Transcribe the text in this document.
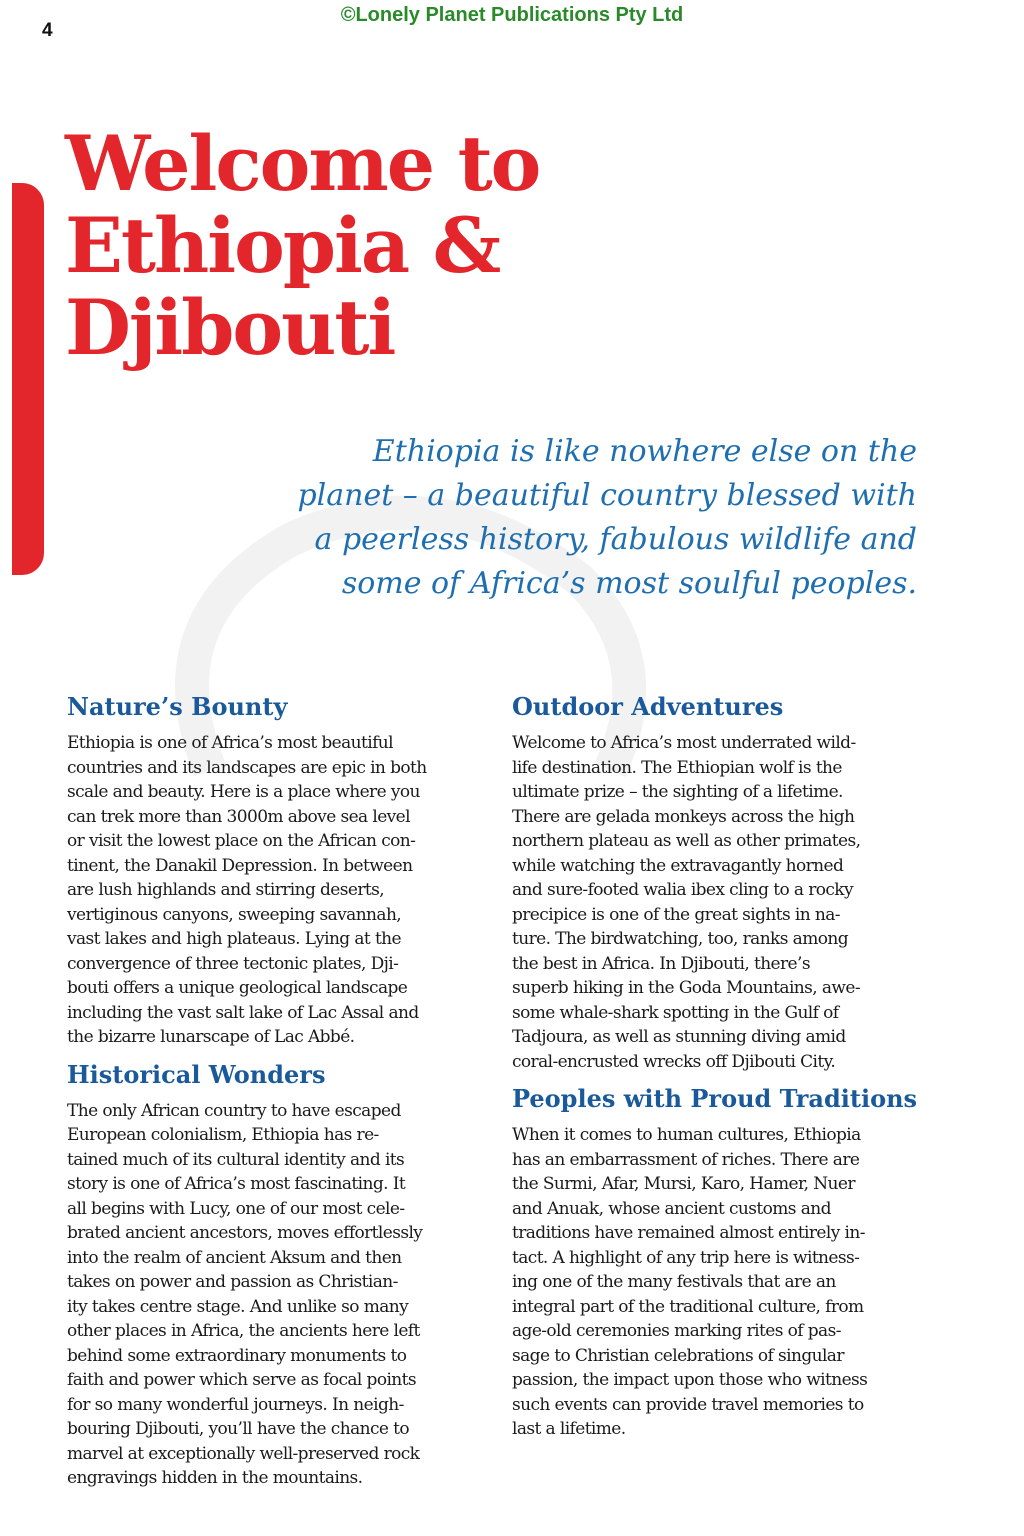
©Lonely Planet Publications Pty Ltd
4
Welcome to
Ethiopia &
Djibouti

Ethiopia is like nowhere else on the
planet – a beautiful country blessed with
a peerless history, fabulous wildlife and
some of Africa’s most soulful peoples.

Nature’s Bounty

Ethiopia is one of Africa’s most beautiful
countries and its landscapes are epic in both
scale and beauty. Here is a place where you
can trek more than 3000m above sea level
or visit the lowest place on the African con-
tinent, the Danakil Depression. In between
are lush highlands and stirring deserts,
vertiginous canyons, sweeping savannah,
vast lakes and high plateaus. Lying at the
convergence of three tectonic plates, Dji-
bouti offers a unique geological landscape
including the vast salt lake of Lac Assal and
the bizarre lunarscape of Lac Abbé.

Historical Wonders

The only African country to have escaped
European colonialism, Ethiopia has re-
tained much of its cultural identity and its
story is one of Africa’s most fascinating. It
all begins with Lucy, one of our most cele-
brated ancient ancestors, moves effortlessly
into the realm of ancient Aksum and then
takes on power and passion as Christian-
ity takes centre stage. And unlike so many
other places in Africa, the ancients here left
behind some extraordinary monuments to
faith and power which serve as focal points
for so many wonderful journeys. In neigh-
bouring Djibouti, you’ll have the chance to
marvel at exceptionally well-preserved rock
engravings hidden in the mountains.

Outdoor Adventures

Welcome to Africa’s most underrated wild-
life destination. The Ethiopian wolf is the
ultimate prize – the sighting of a lifetime.
There are gelada monkeys across the high
northern plateau as well as other primates,
while watching the extravagantly horned
and sure-footed walia ibex cling to a rocky
precipice is one of the great sights in na-
ture. The birdwatching, too, ranks among
the best in Africa. In Djibouti, there’s
superb hiking in the Goda Mountains, awe-
some whale-shark spotting in the Gulf of
Tadjoura, as well as stunning diving amid
coral-encrusted wrecks off Djibouti City.

Peoples with Proud Traditions

When it comes to human cultures, Ethiopia
has an embarrassment of riches. There are
the Surmi, Afar, Mursi, Karo, Hamer, Nuer
and Anuak, whose ancient customs and
traditions have remained almost entirely in-
tact. A highlight of any trip here is witness-
ing one of the many festivals that are an
integral part of the traditional culture, from
age-old ceremonies marking rites of pas-
sage to Christian celebrations of singular
passion, the impact upon those who witness
such events can provide travel memories to
last a lifetime.
